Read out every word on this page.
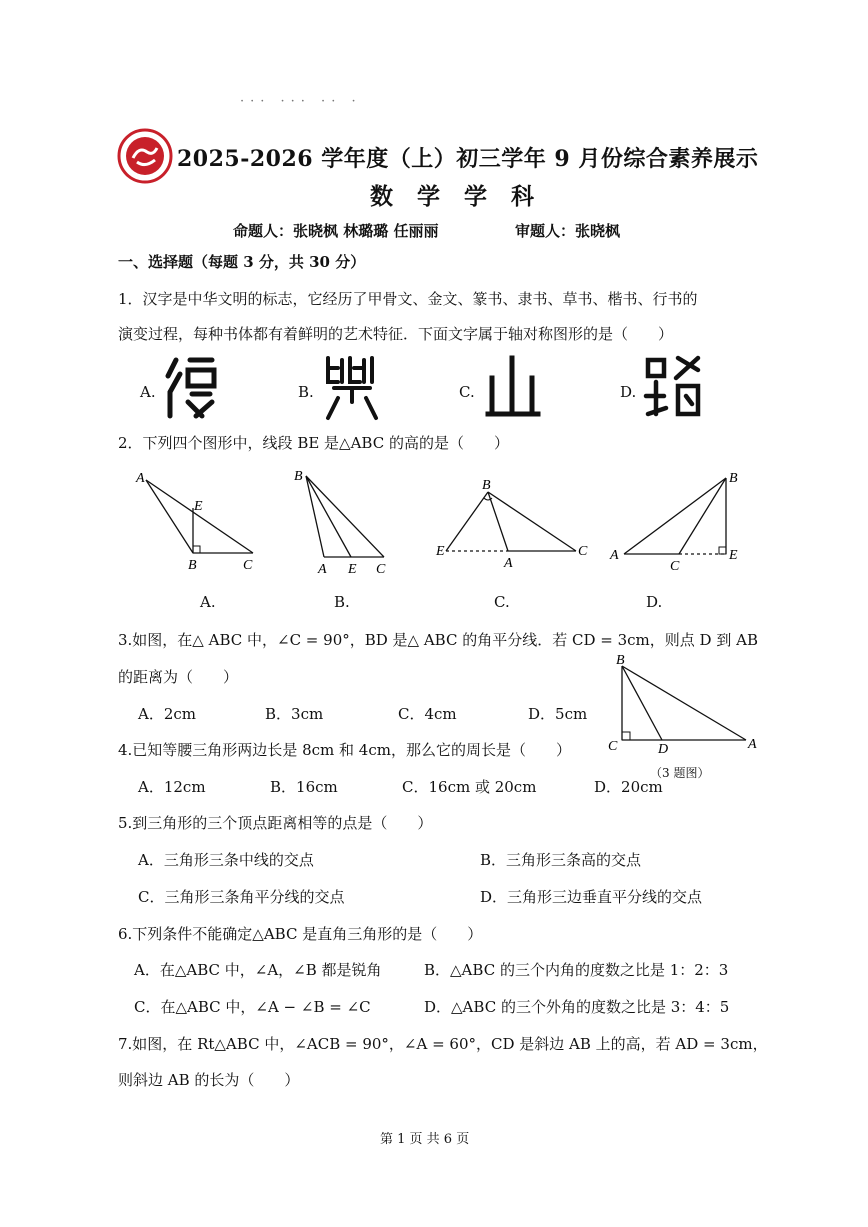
··· ··· ·· ·
2025-2026 学年度（上）初三学年 9 月份综合素养展示
数 学 学 科
命题人：张晓枫 林璐璐 任丽丽	审题人：张晓枫
一、选择题（每题 3 分，共 30 分）
1．汉字是中华文明的标志，它经历了甲骨文、金文、篆书、隶书、草书、楷书、行书的
演变过程，每种书体都有着鲜明的艺术特征．下面文字属于轴对称图形的是（　　）
A.	B.	C.	D.
2．下列四个图形中，线段 BE 是△ABC 的高的是（　　）
A
E
B	C
B
A E C
B
E
A
C
B
A
C
E
A.	B.	C.	D.
3.如图，在△ ABC 中，∠C = 90°，BD 是△ ABC 的角平分线．若 CD = 3cm，则点 D 到 AB
的距离为（　　）
A．2cm	B．3cm	C．4cm	D．5cm
B
C	D	A
（3 题图）
4.已知等腰三角形两边长是 8cm 和 4cm，那么它的周长是（　　）
A．12cm	B．16cm	C．16cm 或 20cm	D．20cm
5.到三角形的三个顶点距离相等的点是（　　）
A．三角形三条中线的交点	B．三角形三条高的交点
C．三角形三条角平分线的交点	D．三角形三边垂直平分线的交点
6.下列条件不能确定△ABC 是直角三角形的是（　　）
A．在△ABC 中，∠A，∠B 都是锐角	B．△ABC 的三个内角的度数之比是 1：2：3
C．在△ABC 中，∠A − ∠B = ∠C	D．△ABC 的三个外角的度数之比是 3：4：5
7.如图，在 Rt△ABC 中，∠ACB = 90°，∠A = 60°，CD 是斜边 AB 上的高，若 AD = 3cm，
则斜边 AB 的长为（　　）
第 1 页 共 6 页
